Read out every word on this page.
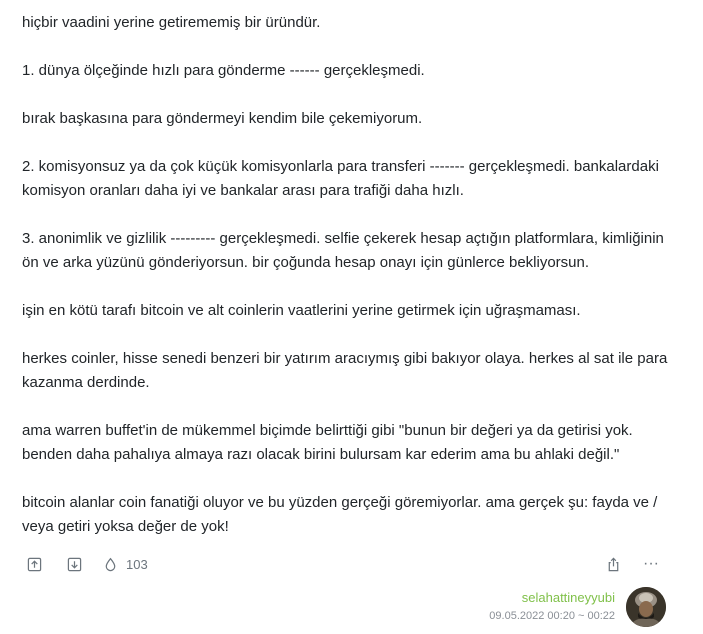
hiçbir vaadini yerine getirememiş bir üründür.

1. dünya ölçeğinde hızlı para gönderme ------ gerçekleşmedi.

bırak başkasına para göndermeyi kendim bile çekemiyorum.

2. komisyonsuz ya da çok küçük komisyonlarla para transferi ------- gerçekleşmedi. bankalardaki komisyon oranları daha iyi ve bankalar arası para trafiği daha hızlı.

3. anonimlik ve gizlilik --------- gerçekleşmedi. selfie çekerek hesap açtığın platformlara, kimliğinin ön ve arka yüzünü gönderiyorsun. bir çoğunda hesap onayı için günlerce bekliyorsun.

işin en kötü tarafı bitcoin ve alt coinlerin vaatlerini yerine getirmek için uğraşmaması.

herkes coinler, hisse senedi benzeri bir yatırım aracıymış gibi bakıyor olaya. herkes al sat ile para kazanma derdinde.

ama warren buffet'in de mükemmel biçimde belirttiği gibi "bunun bir değeri ya da getirisi yok. benden daha pahalıya almaya razı olacak birini bulursam kar ederim ama bu ahlaki değil."

bitcoin alanlar coin fanatiği oluyor ve bu yüzden gerçeği göremiyorlar. ama gerçek şu: fayda ve / veya getiri yoksa değer de yok!

103	···
selahattineyyubi
09.05.2022 00:20 ~ 00:22
